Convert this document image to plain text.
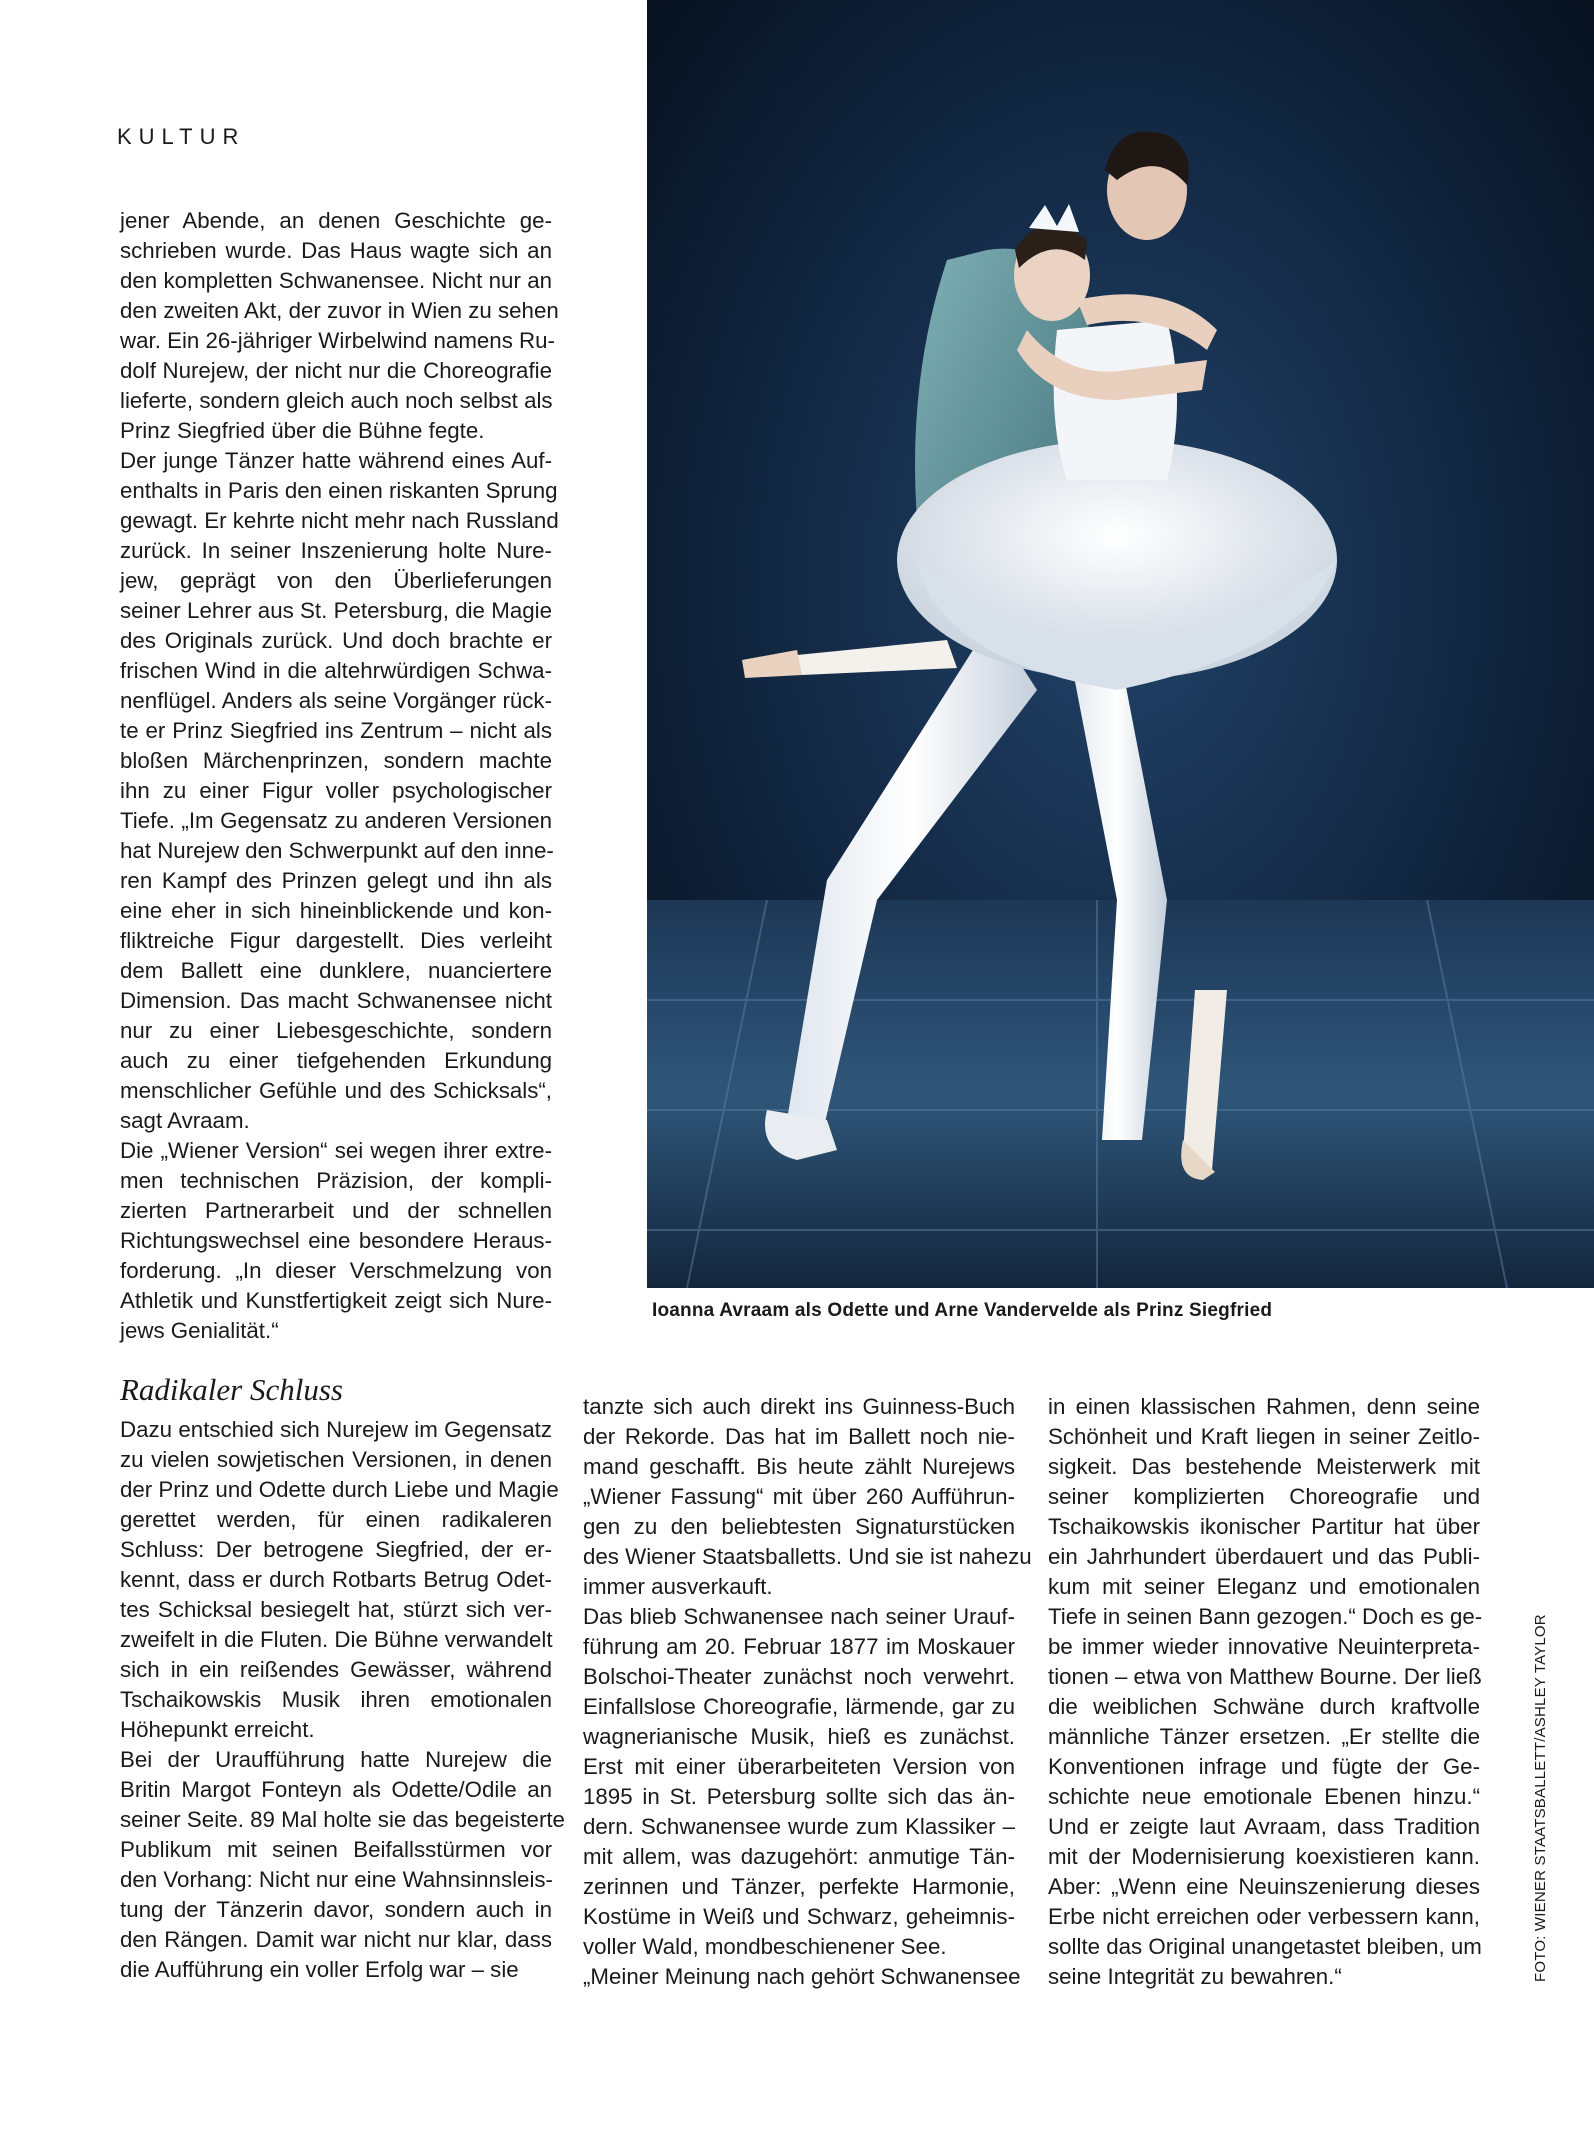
KULTUR

jener Abende, an denen Geschichte ge-
schrieben wurde. Das Haus wagte sich an
den kompletten Schwanensee. Nicht nur an
den zweiten Akt, der zuvor in Wien zu sehen
war. Ein 26-jähriger Wirbelwind namens Ru-
dolf Nurejew, der nicht nur die Choreografie
lieferte, sondern gleich auch noch selbst als
Prinz Siegfried über die Bühne fegte.

Der junge Tänzer hatte während eines Auf-
enthalts in Paris den einen riskanten Sprung
gewagt. Er kehrte nicht mehr nach Russland
zurück. In seiner Inszenierung holte Nure-
jew, geprägt von den Überlieferungen
seiner Lehrer aus St. Petersburg, die Magie
des Originals zurück. Und doch brachte er
frischen Wind in die altehrwürdigen Schwa-
nenflügel. Anders als seine Vorgänger rück-
te er Prinz Siegfried ins Zentrum – nicht als
bloßen Märchenprinzen, sondern machte
ihn zu einer Figur voller psychologischer
Tiefe. „Im Gegensatz zu anderen Versionen
hat Nurejew den Schwerpunkt auf den inne-
ren Kampf des Prinzen gelegt und ihn als
eine eher in sich hineinblickende und kon-
fliktreiche Figur dargestellt. Dies verleiht
dem Ballett eine dunklere, nuanciertere
Dimension. Das macht Schwanensee nicht
nur zu einer Liebesgeschichte, sondern
auch zu einer tiefgehenden Erkundung
menschlicher Gefühle und des Schicksals“,
sagt Avraam.

Die „Wiener Version“ sei wegen ihrer extre-
men technischen Präzision, der kompli-
zierten Partnerarbeit und der schnellen
Richtungswechsel eine besondere Heraus-
forderung. „In dieser Verschmelzung von
Athletik und Kunstfertigkeit zeigt sich Nure-
jews Genialität.“

Radikaler Schluss

Dazu entschied sich Nurejew im Gegensatz
zu vielen sowjetischen Versionen, in denen
der Prinz und Odette durch Liebe und Magie
gerettet werden, für einen radikaleren
Schluss: Der betrogene Siegfried, der er-
kennt, dass er durch Rotbarts Betrug Odet-
tes Schicksal besiegelt hat, stürzt sich ver-
zweifelt in die Fluten. Die Bühne verwandelt
sich in ein reißendes Gewässer, während
Tschaikowskis Musik ihren emotionalen
Höhepunkt erreicht.

Bei der Uraufführung hatte Nurejew die
Britin Margot Fonteyn als Odette/Odile an
seiner Seite. 89 Mal holte sie das begeisterte
Publikum mit seinen Beifallsstürmen vor
den Vorhang: Nicht nur eine Wahnsinnsleis-
tung der Tänzerin davor, sondern auch in
den Rängen. Damit war nicht nur klar, dass
die Aufführung ein voller Erfolg war – sie

tanzte sich auch direkt ins Guinness-Buch
der Rekorde. Das hat im Ballett noch nie-
mand geschafft. Bis heute zählt Nurejews
„Wiener Fassung“ mit über 260 Aufführun-
gen zu den beliebtesten Signaturstücken
des Wiener Staatsballetts. Und sie ist nahezu
immer ausverkauft.

Das blieb Schwanensee nach seiner Urauf-
führung am 20. Februar 1877 im Moskauer
Bolschoi-Theater zunächst noch verwehrt.
Einfallslose Choreografie, lärmende, gar zu
wagnerianische Musik, hieß es zunächst.
Erst mit einer überarbeiteten Version von
1895 in St. Petersburg sollte sich das än-
dern. Schwanensee wurde zum Klassiker –
mit allem, was dazugehört: anmutige Tän-
zerinnen und Tänzer, perfekte Harmonie,
Kostüme in Weiß und Schwarz, geheimnis-
voller Wald, mondbeschienener See.

„Meiner Meinung nach gehört Schwanensee

in einen klassischen Rahmen, denn seine
Schönheit und Kraft liegen in seiner Zeitlo-
sigkeit. Das bestehende Meisterwerk mit
seiner komplizierten Choreografie und
Tschaikowskis ikonischer Partitur hat über
ein Jahrhundert überdauert und das Publi-
kum mit seiner Eleganz und emotionalen
Tiefe in seinen Bann gezogen.“ Doch es ge-
be immer wieder innovative Neuinterpreta-
tionen – etwa von Matthew Bourne. Der ließ
die weiblichen Schwäne durch kraftvolle
männliche Tänzer ersetzen. „Er stellte die
Konventionen infrage und fügte der Ge-
schichte neue emotionale Ebenen hinzu.“
Und er zeigte laut Avraam, dass Tradition
mit der Modernisierung koexistieren kann.
Aber: „Wenn eine Neuinszenierung dieses
Erbe nicht erreichen oder verbessern kann,
sollte das Original unangetastet bleiben, um
seine Integrität zu bewahren.“

Ioanna Avraam als Odette und Arne Vandervelde als Prinz Siegfried
FOTO: WIENER STAATSBALLETT/ASHLEY TAYLOR
